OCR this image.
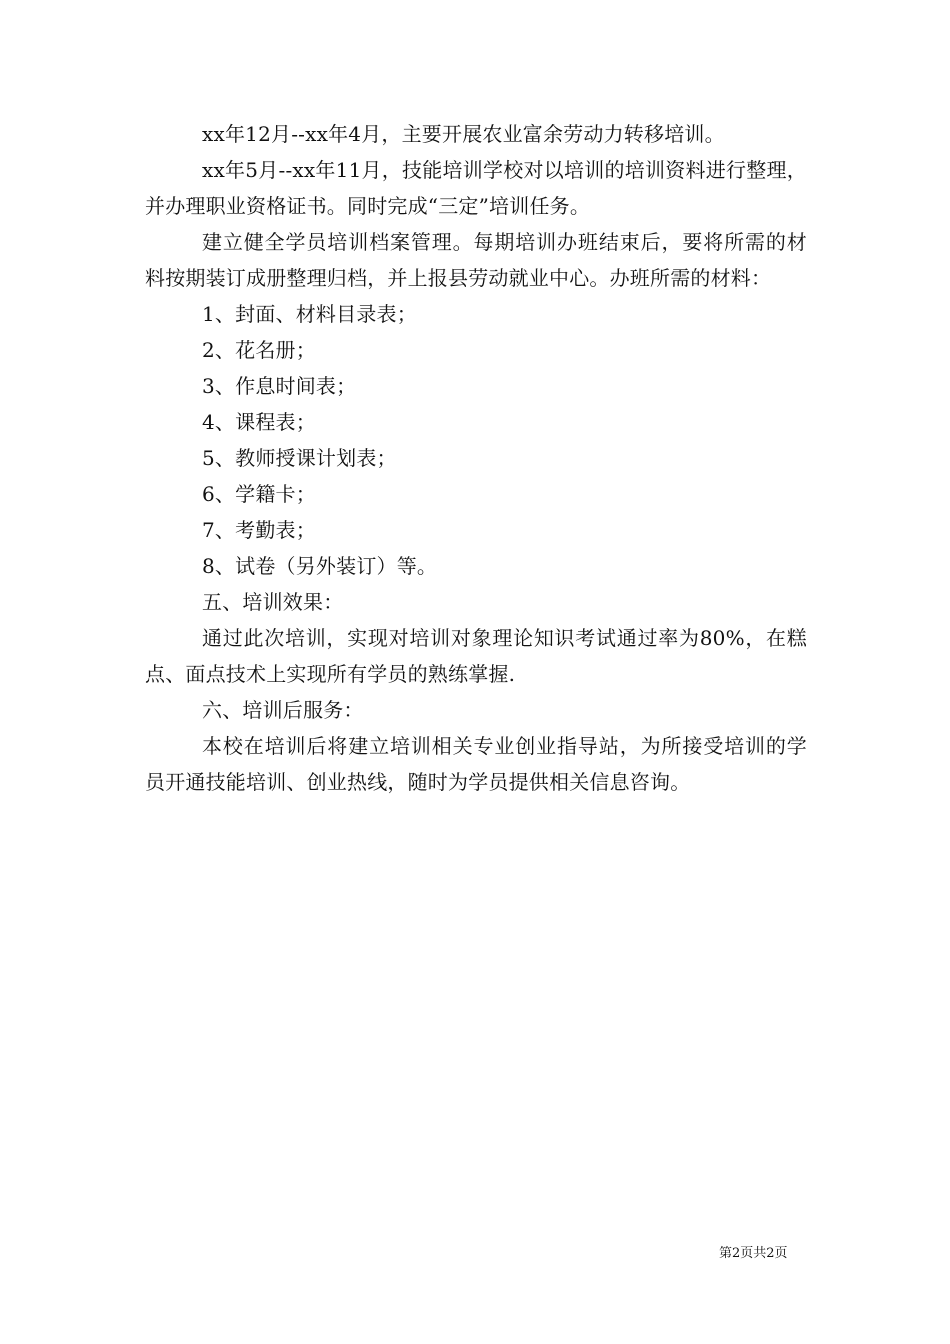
xx年12月--xx年4月，主要开展农业富余劳动力转移培训。

xx年5月--xx年11月，技能培训学校对以培训的培训资料进行整理，并办理职业资格证书。同时完成“三定”培训任务。

建立健全学员培训档案管理。每期培训办班结束后，要将所需的材料按期装订成册整理归档，并上报县劳动就业中心。办班所需的材料：

1、封面、材料目录表；

2、花名册；

3、作息时间表；

4、课程表；

5、教师授课计划表；

6、学籍卡；

7、考勤表；

8、试卷（另外装订）等。

五、培训效果：

通过此次培训，实现对培训对象理论知识考试通过率为80%，在糕点、面点技术上实现所有学员的熟练掌握.

六、培训后服务：

本校在培训后将建立培训相关专业创业指导站，为所接受培训的学员开通技能培训、创业热线，随时为学员提供相关信息咨询。

第2页共2页
